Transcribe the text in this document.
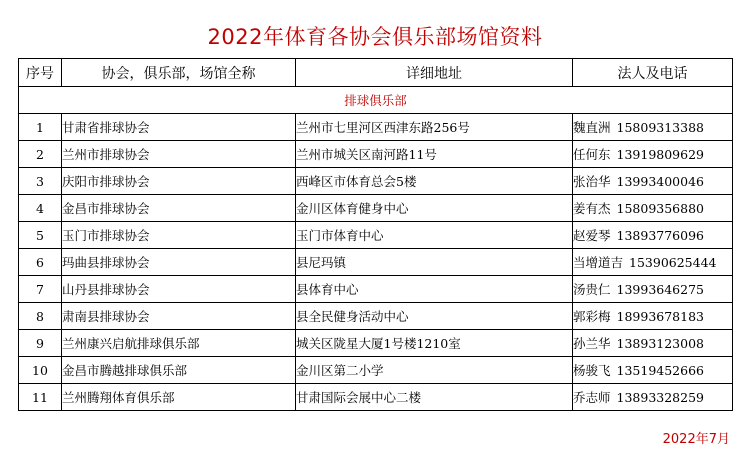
2022年体育各协会俱乐部场馆资料
序号	协会，俱乐部，场馆全称	详细地址	法人及电话
排球俱乐部			
1	甘肃省排球协会	兰州市七里河区西津东路256号	魏直洲 15809313388
2	兰州市排球协会	兰州市城关区南河路11号	任何东 13919809629
3	庆阳市排球协会	西峰区市体育总会5楼	张治华 13993400046
4	金昌市排球协会	金川区体育健身中心	姜有杰 15809356880
5	玉门市排球协会	玉门市体育中心	赵爱琴 13893776096
6	玛曲县排球协会	县尼玛镇	当增道吉 15390625444
7	山丹县排球协会	县体育中心	汤贵仁 13993646275
8	肃南县排球协会	县全民健身活动中心	郭彩梅 18993678183
9	兰州康兴启航排球俱乐部	城关区陇星大厦1号楼1210室	孙兰华 13893123008
10	金昌市腾越排球俱乐部	金川区第二小学	杨骏飞 13519452666
11	兰州腾翔体育俱乐部	甘肃国际会展中心二楼	乔志师 13893328259
2022年7月
